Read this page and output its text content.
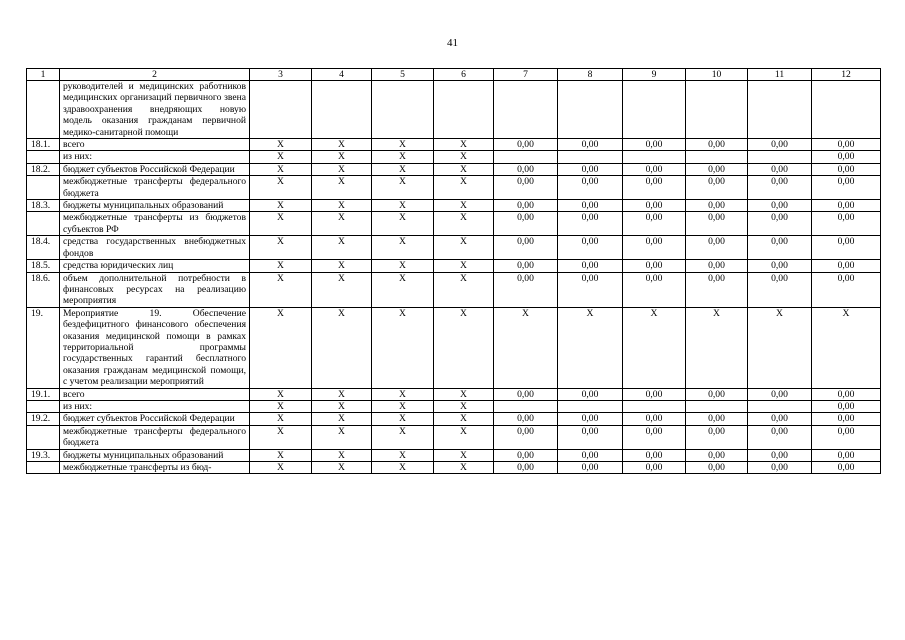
41
1	2	3	4	5	6	7	8	9	10	11	12
	руководителей и медицинских работников медицинских организаций первичного звена здравоохранения внедряющих новую модель оказания гражданам первичной медико-санитарной помощи										
18.1.	всего	X	X	X	X	0,00	0,00	0,00	0,00	0,00	0,00
	из них:	X	X	X	X						0,00
18.2.	бюджет субъектов Российской Федерации	X	X	X	X	0,00	0,00	0,00	0,00	0,00	0,00
	межбюджетные трансферты федерального бюджета	X	X	X	X	0,00	0,00	0,00	0,00	0,00	0,00
18.3.	бюджеты муниципальных образований	X	X	X	X	0,00	0,00	0,00	0,00	0,00	0,00
	межбюджетные трансферты из бюджетов субъектов РФ	X	X	X	X	0,00	0,00	0,00	0,00	0,00	0,00
18.4.	средства государственных внебюджетных фондов	X	X	X	X	0,00	0,00	0,00	0,00	0,00	0,00
18.5.	средства юридических лиц	X	X	X	X	0,00	0,00	0,00	0,00	0,00	0,00
18.6.	объем дополнительной потребности в финансовых ресурсах на реализацию мероприятия	X	X	X	X	0,00	0,00	0,00	0,00	0,00	0,00
19.	Мероприятие 19. Обеспечение бездефицитного финансового обеспечения оказания медицинской помощи в рамках территориальной программы государственных гарантий бесплатного оказания гражданам медицинской помощи, с учетом реализации мероприятий	X	X	X	X	X	X	X	X	X	X
19.1.	всего	X	X	X	X	0,00	0,00	0,00	0,00	0,00	0,00
	из них:	X	X	X	X						0,00
19.2.	бюджет субъектов Российской Федерации	X	X	X	X	0,00	0,00	0,00	0,00	0,00	0,00
	межбюджетные трансферты федерального бюджета	X	X	X	X	0,00	0,00	0,00	0,00	0,00	0,00
19.3.	бюджеты муниципальных образований	X	X	X	X	0,00	0,00	0,00	0,00	0,00	0,00
	межбюджетные трансферты из бюд-	X	X	X	X	0,00	0,00	0,00	0,00	0,00	0,00
